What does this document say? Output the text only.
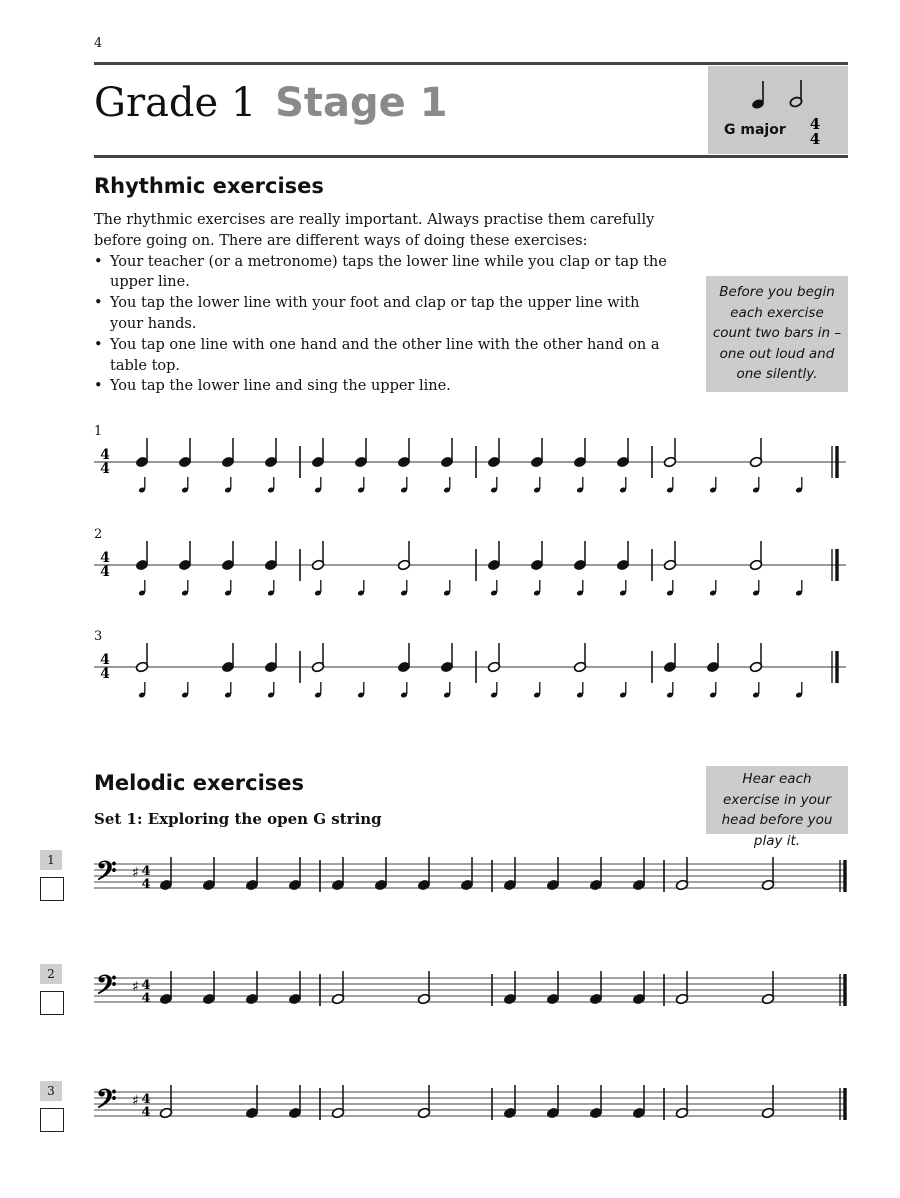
4
Grade 1 Stage 1
G major 4
4
Rhythmic exercises
The rhythmic exercises are really important. Always practise them carefully before going on. There are different ways of doing these exercises:
• Your teacher (or a metronome) taps the lower line while you clap or tap the upper line.
• You tap the lower line with your foot and clap or tap the upper line with your hands.
• You tap one line with one hand and the other line with the other hand on a table top.
• You tap the lower line and sing the upper line.
Before you begin each exercise count two bars in – one out loud and one silently.
1
4
4
2
4
4
3
4
4
Melodic exercises	Hear each exercise in your head before you play it.
Set 1: Exploring the open G string
1 𝄢 ♯ 4
4
2 𝄢 ♯ 4
4
3 𝄢 ♯ 4
4
